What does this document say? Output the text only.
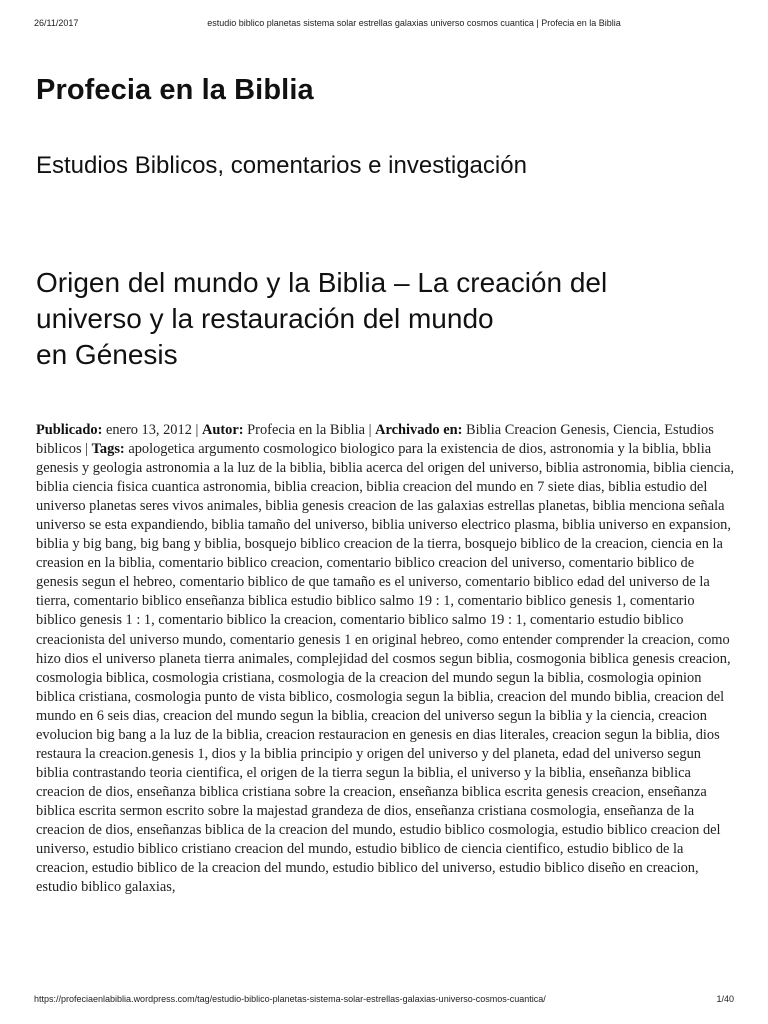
26/11/2017	estudio biblico planetas sistema solar estrellas galaxias universo cosmos cuantica | Profecia en la Biblia
Profecia en la Biblia
Estudios Biblicos, comentarios e investigación
Origen del mundo y la Biblia – La creación del
universo y la restauración del mundo
en Génesis

Publicado: enero 13, 2012 | Autor: Profecia en la Biblia | Archivado en: Biblia Creacion Genesis, Ciencia, Estudios biblicos | Tags: apologetica argumento cosmologico biologico para la existencia de dios, astronomia y la biblia, bblia genesis y geologia astronomia a la luz de la biblia, biblia acerca del origen del universo, biblia astronomia, biblia ciencia, biblia ciencia fisica cuantica astronomia, biblia creacion, biblia creacion del mundo en 7 siete dias, biblia estudio del universo planetas seres vivos animales, biblia genesis creacion de las galaxias estrellas planetas, biblia menciona señala universo se esta expandiendo, biblia tamaño del universo, biblia universo electrico plasma, biblia universo en expansion, biblia y big bang, big bang y biblia, bosquejo biblico creacion de la tierra, bosquejo biblico de la creacion, ciencia en la creasion en la biblia, comentario biblico creacion, comentario biblico creacion del universo, comentario biblico de genesis segun el hebreo, comentario biblico de que tamaño es el universo, comentario biblico edad del universo de la tierra, comentario biblico enseñanza biblica estudio biblico salmo 19 : 1, comentario biblico genesis 1, comentario biblico genesis 1 : 1, comentario biblico la creacion, comentario biblico salmo 19 : 1, comentario estudio biblico creacionista del universo mundo, comentario genesis 1 en original hebreo, como entender comprender la creacion, como hizo dios el universo planeta tierra animales, complejidad del cosmos segun biblia, cosmogonia biblica genesis creacion, cosmologia biblica, cosmologia cristiana, cosmologia de la creacion del mundo segun la biblia, cosmologia opinion biblica cristiana, cosmologia punto de vista biblico, cosmologia segun la biblia, creacion del mundo biblia, creacion del mundo en 6 seis dias, creacion del mundo segun la biblia, creacion del universo segun la biblia y la ciencia, creacion evolucion big bang a la luz de la biblia, creacion restauracion en genesis en dias literales, creacion segun la biblia, dios restaura la creacion.genesis 1, dios y la biblia principio y origen del universo y del planeta, edad del universo segun biblia contrastando teoria cientifica, el origen de la tierra segun la biblia, el universo y la biblia, enseñanza biblica creacion de dios, enseñanza biblica cristiana sobre la creacion, enseñanza biblica escrita genesis creacion, enseñanza biblica escrita sermon escrito sobre la majestad grandeza de dios, enseñanza cristiana cosmologia, enseñanza de la creacion de dios, enseñanzas biblica de la creacion del mundo, estudio biblico cosmologia, estudio biblico creacion del universo, estudio biblico cristiano creacion del mundo, estudio biblico de ciencia cientifico, estudio biblico de la creacion, estudio biblico de la creacion del mundo, estudio biblico del universo, estudio biblico diseño en creacion, estudio biblico galaxias,

https://profeciaenlabiblia.wordpress.com/tag/estudio-biblico-planetas-sistema-solar-estrellas-galaxias-universo-cosmos-cuantica/	1/40
